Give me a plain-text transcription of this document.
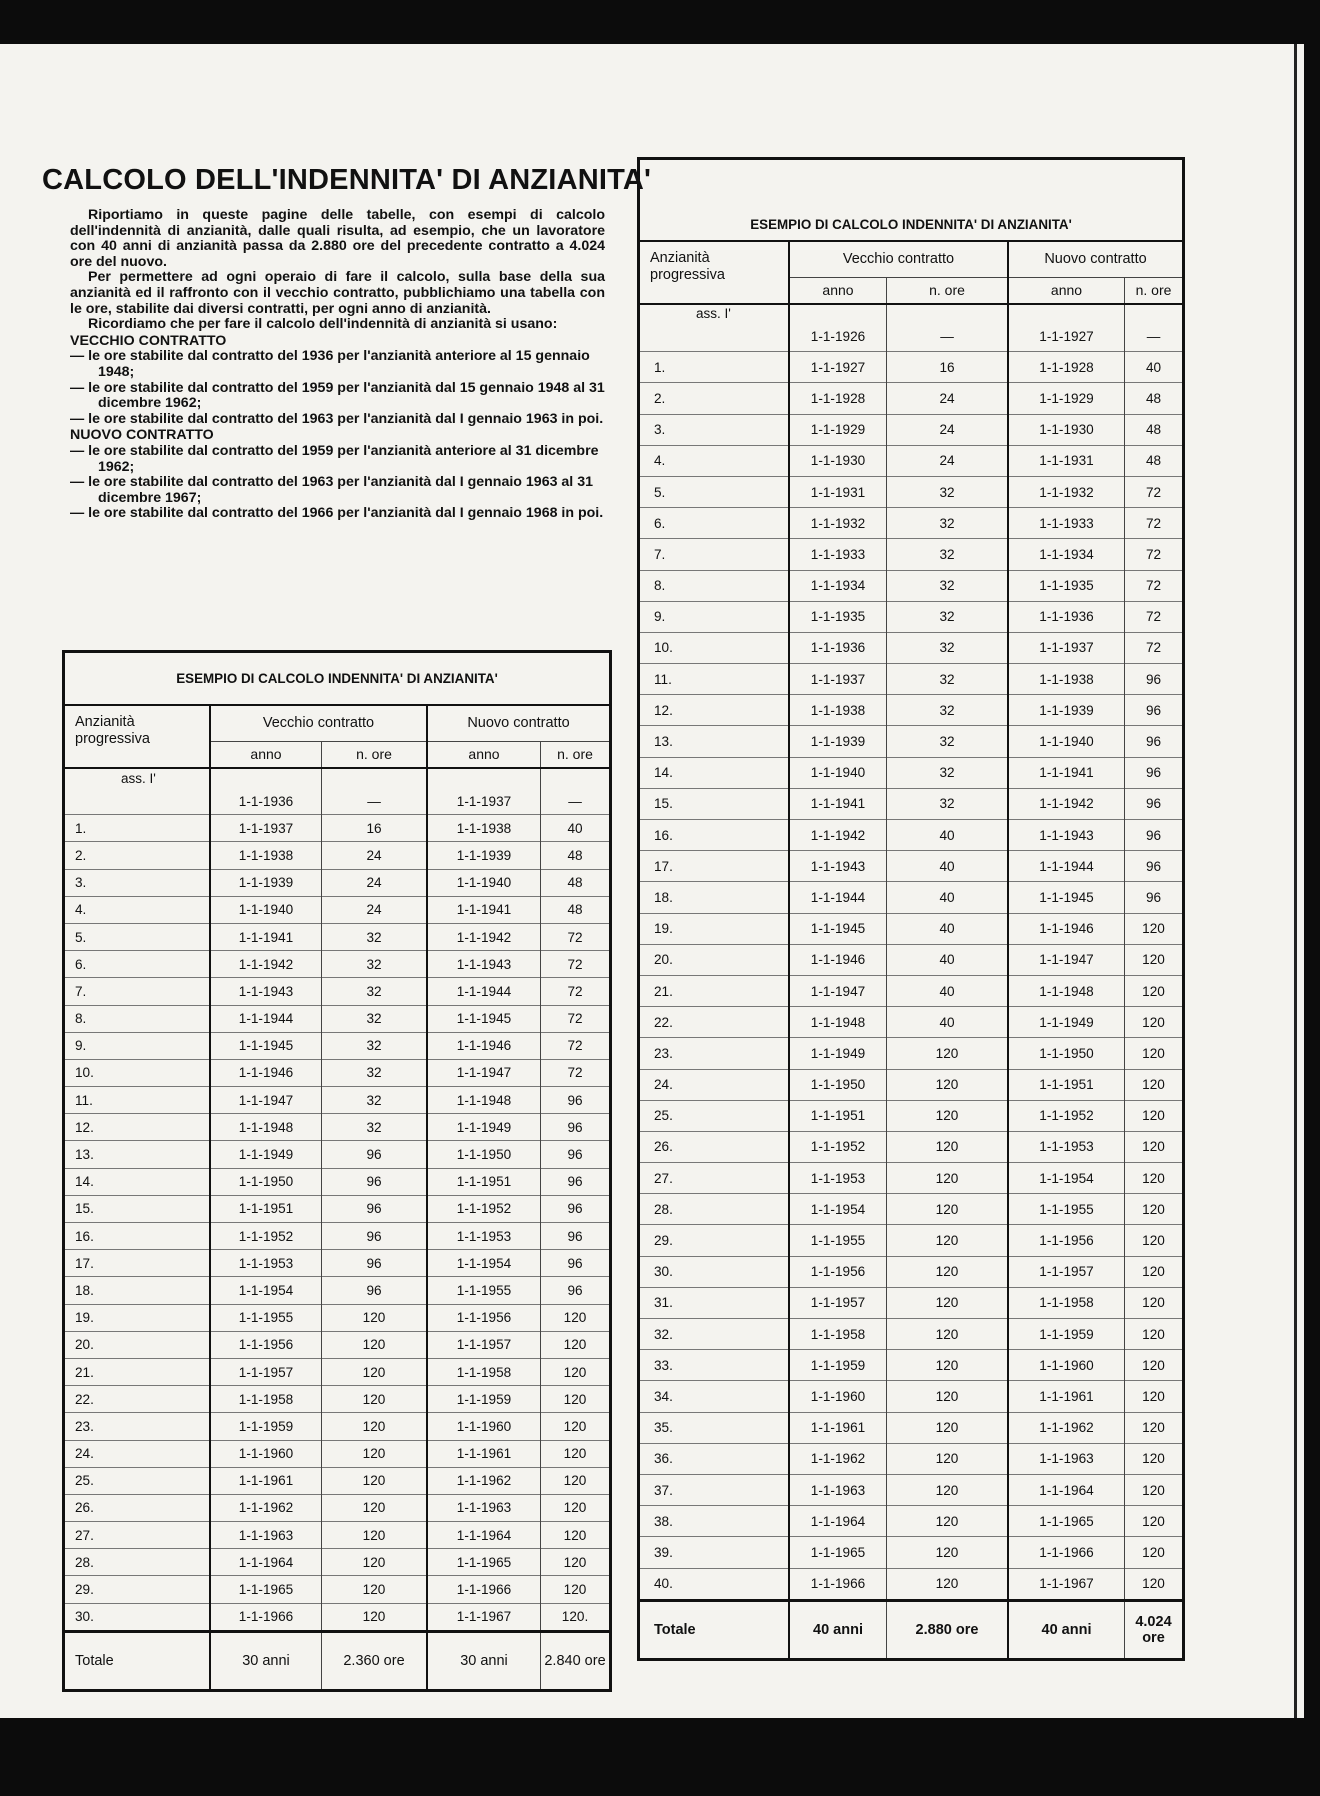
CALCOLO DELL'INDENNITA' DI ANZIANITA'

Riportiamo in queste pagine delle tabelle, con esempi di calcolo dell'indennità di anzianità, dalle quali risulta, ad esempio, che un lavoratore con 40 anni di anzianità passa da 2.880 ore del precedente contratto a 4.024 ore del nuovo.

Per permettere ad ogni operaio di fare il calcolo, sulla base della sua anzianità ed il raffronto con il vecchio contratto, pubblichiamo una tabella con le ore, stabilite dai diversi contratti, per ogni anno di anzianità.

Ricordiamo che per fare il calcolo dell'indennità di anzianità si usano:

VECCHIO CONTRATTO
— le ore stabilite dal contratto del 1936 per l'anzianità anteriore al 15 gennaio 1948;
— le ore stabilite dal contratto del 1959 per l'anzianità dal 15 gennaio 1948 al 31 dicembre 1962;
— le ore stabilite dal contratto del 1963 per l'anzianità dal I gennaio 1963 in poi.
NUOVO CONTRATTO
— le ore stabilite dal contratto del 1959 per l'anzianità anteriore al 31 dicembre 1962;
— le ore stabilite dal contratto del 1963 per l'anzianità dal I gennaio 1963 al 31 dicembre 1967;
— le ore stabilite dal contratto del 1966 per l'anzianità dal I gennaio 1968 in poi.
ESEMPIO DI CALCOLO INDENNITA' DI ANZIANITA'				
Anzianità
progressiva	Vecchio contratto		Nuovo contratto	
	anno	n. ore	anno	n. ore
ass. I'				
	1-1-1936	—	1-1-1937	—
1.	1-1-1937	16	1-1-1938	40
2.	1-1-1938	24	1-1-1939	48
3.	1-1-1939	24	1-1-1940	48
4.	1-1-1940	24	1-1-1941	48
5.	1-1-1941	32	1-1-1942	72
6.	1-1-1942	32	1-1-1943	72
7.	1-1-1943	32	1-1-1944	72
8.	1-1-1944	32	1-1-1945	72
9.	1-1-1945	32	1-1-1946	72
10.	1-1-1946	32	1-1-1947	72
11.	1-1-1947	32	1-1-1948	96
12.	1-1-1948	32	1-1-1949	96
13.	1-1-1949	96	1-1-1950	96
14.	1-1-1950	96	1-1-1951	96
15.	1-1-1951	96	1-1-1952	96
16.	1-1-1952	96	1-1-1953	96
17.	1-1-1953	96	1-1-1954	96
18.	1-1-1954	96	1-1-1955	96
19.	1-1-1955	120	1-1-1956	120
20.	1-1-1956	120	1-1-1957	120
21.	1-1-1957	120	1-1-1958	120
22.	1-1-1958	120	1-1-1959	120
23.	1-1-1959	120	1-1-1960	120
24.	1-1-1960	120	1-1-1961	120
25.	1-1-1961	120	1-1-1962	120
26.	1-1-1962	120	1-1-1963	120
27.	1-1-1963	120	1-1-1964	120
28.	1-1-1964	120	1-1-1965	120
29.	1-1-1965	120	1-1-1966	120
30.	1-1-1966	120	1-1-1967	120.
Totale	30 anni	2.360 ore	30 anni	2.840 ore
ESEMPIO DI CALCOLO INDENNITA' DI ANZIANITA'				
Anzianità
progressiva	Vecchio contratto		Nuovo contratto	
	anno	n. ore	anno	n. ore
ass. I'				
	1-1-1926	—	1-1-1927	—
1.	1-1-1927	16	1-1-1928	40
2.	1-1-1928	24	1-1-1929	48
3.	1-1-1929	24	1-1-1930	48
4.	1-1-1930	24	1-1-1931	48
5.	1-1-1931	32	1-1-1932	72
6.	1-1-1932	32	1-1-1933	72
7.	1-1-1933	32	1-1-1934	72
8.	1-1-1934	32	1-1-1935	72
9.	1-1-1935	32	1-1-1936	72
10.	1-1-1936	32	1-1-1937	72
11.	1-1-1937	32	1-1-1938	96
12.	1-1-1938	32	1-1-1939	96
13.	1-1-1939	32	1-1-1940	96
14.	1-1-1940	32	1-1-1941	96
15.	1-1-1941	32	1-1-1942	96
16.	1-1-1942	40	1-1-1943	96
17.	1-1-1943	40	1-1-1944	96
18.	1-1-1944	40	1-1-1945	96
19.	1-1-1945	40	1-1-1946	120
20.	1-1-1946	40	1-1-1947	120
21.	1-1-1947	40	1-1-1948	120
22.	1-1-1948	40	1-1-1949	120
23.	1-1-1949	120	1-1-1950	120
24.	1-1-1950	120	1-1-1951	120
25.	1-1-1951	120	1-1-1952	120
26.	1-1-1952	120	1-1-1953	120
27.	1-1-1953	120	1-1-1954	120
28.	1-1-1954	120	1-1-1955	120
29.	1-1-1955	120	1-1-1956	120
30.	1-1-1956	120	1-1-1957	120
31.	1-1-1957	120	1-1-1958	120
32.	1-1-1958	120	1-1-1959	120
33.	1-1-1959	120	1-1-1960	120
34.	1-1-1960	120	1-1-1961	120
35.	1-1-1961	120	1-1-1962	120
36.	1-1-1962	120	1-1-1963	120
37.	1-1-1963	120	1-1-1964	120
38.	1-1-1964	120	1-1-1965	120
39.	1-1-1965	120	1-1-1966	120
40.	1-1-1966	120	1-1-1967	120
Totale	40 anni	2.880 ore	40 anni	4.024 ore
